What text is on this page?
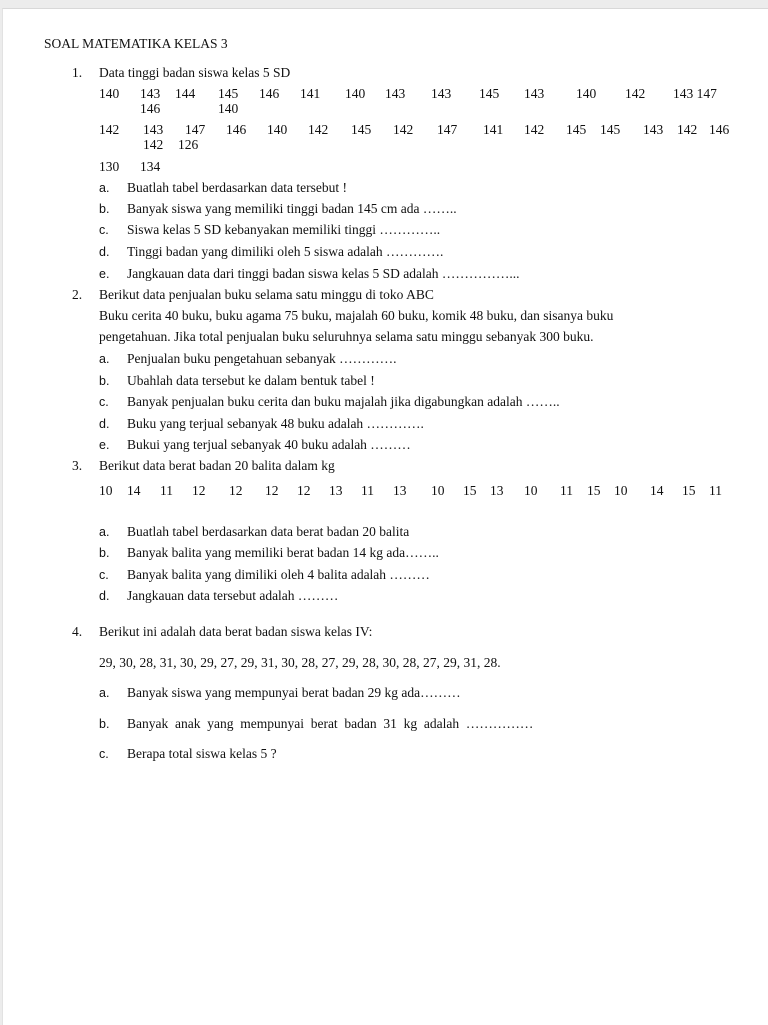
SOAL MATEMATIKA KELAS 3
1. Data tinggi badan siswa kelas 5 SD
140 143 144 145 146 141 140 143 143 145 143 140 142 143 147
146	140
142 143 147 146 140 142 145 142 147 141 142 145 145 143 142 146
142 126
130 134
a. Buatlah tabel berdasarkan data tersebut !
b. Banyak siswa yang memiliki tinggi badan 145 cm ada ……..
c. Siswa kelas 5 SD kebanyakan memiliki tinggi …………..
d. Tinggi badan yang dimiliki oleh 5 siswa adalah ………….
e. Jangkauan data dari tinggi badan siswa kelas 5 SD adalah ……………...
2. Berikut data penjualan buku selama satu minggu di toko ABC
Buku cerita 40 buku, buku agama 75 buku, majalah 60 buku, komik 48 buku, dan sisanya buku
pengetahuan. Jika total penjualan buku seluruhnya selama satu minggu sebanyak 300 buku.
a. Penjualan buku pengetahuan sebanyak ………….
b. Ubahlah data tersebut ke dalam bentuk tabel !
c. Banyak penjualan buku cerita dan buku majalah jika digabungkan adalah ……..
d. Buku yang terjual sebanyak 48 buku adalah ………….
e. Bukui yang terjual sebanyak 40 buku adalah ………
3. Berikut data berat badan 20 balita dalam kg
10 14 11 12 12 12 12 13 11 13 10 15 13 10 11 15 10 14 15 11
a. Buatlah tabel berdasarkan data berat badan 20 balita
b. Banyak balita yang memiliki berat badan 14 kg ada……..
c. Banyak balita yang dimiliki oleh 4 balita adalah ………
d. Jangkauan data tersebut adalah ………
4. Berikut ini adalah data berat badan siswa kelas IV:
29, 30, 28, 31, 30, 29, 27, 29, 31, 30, 28, 27, 29, 28, 30, 28, 27, 29, 31, 28.
a. Banyak siswa yang mempunyai berat badan 29 kg ada………
b. Banyak  anak  yang  mempunyai  berat  badan  31  kg  adalah  ……………
c. Berapa total siswa kelas 5 ?
